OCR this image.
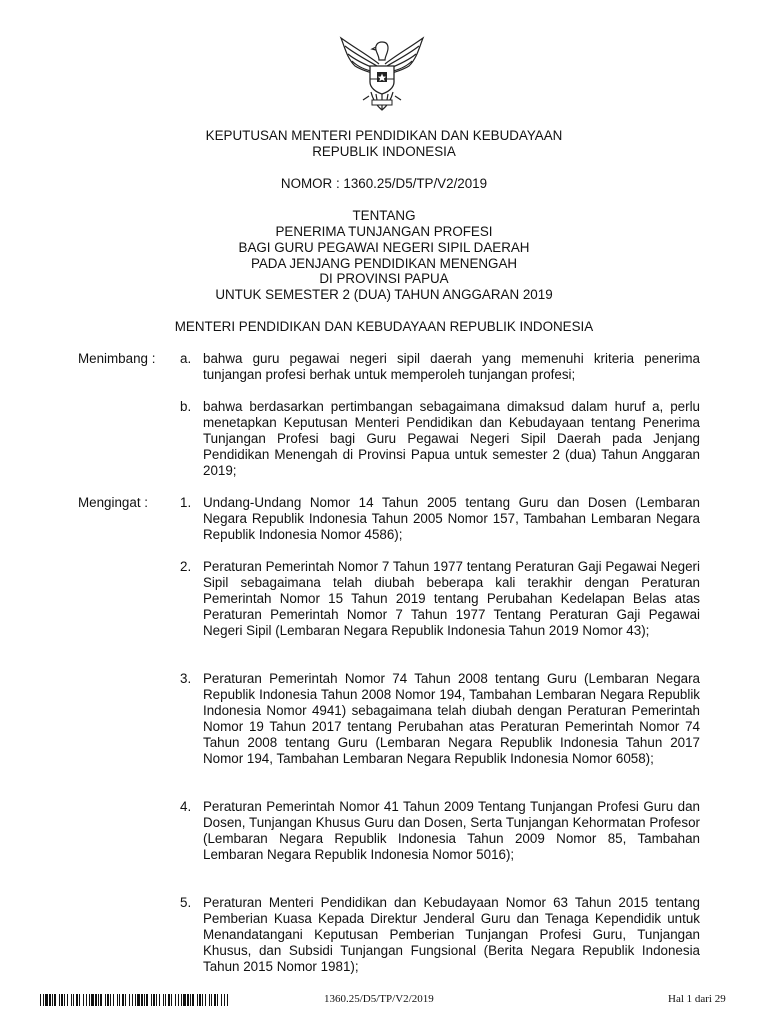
KEPUTUSAN MENTERI PENDIDIKAN DAN KEBUDAYAAN
REPUBLIK INDONESIA
NOMOR : 1360.25/D5/TP/V2/2019
TENTANG
PENERIMA TUNJANGAN PROFESI
BAGI GURU PEGAWAI NEGERI SIPIL DAERAH
PADA JENJANG PENDIDIKAN MENENGAH
DI PROVINSI PAPUA
UNTUK SEMESTER 2 (DUA) TAHUN ANGGARAN 2019
MENTERI PENDIDIKAN DAN KEBUDAYAAN REPUBLIK INDONESIA
Menimbang : a. bahwa guru pegawai negeri sipil daerah yang memenuhi kriteria penerima tunjangan profesi berhak untuk memperoleh tunjangan profesi;
b. bahwa berdasarkan pertimbangan sebagaimana dimaksud dalam huruf a, perlu menetapkan Keputusan Menteri Pendidikan dan Kebudayaan tentang Penerima Tunjangan Profesi bagi Guru Pegawai Negeri Sipil Daerah pada Jenjang Pendidikan Menengah di Provinsi Papua untuk semester 2 (dua) Tahun Anggaran 2019;
Mengingat : 1. Undang-Undang Nomor 14 Tahun 2005 tentang Guru dan Dosen (Lembaran Negara Republik Indonesia Tahun 2005 Nomor 157, Tambahan Lembaran Negara Republik Indonesia Nomor 4586);
2. Peraturan Pemerintah Nomor 7 Tahun 1977 tentang Peraturan Gaji Pegawai Negeri Sipil sebagaimana telah diubah beberapa kali terakhir dengan Peraturan Pemerintah Nomor 15 Tahun 2019 tentang Perubahan Kedelapan Belas atas Peraturan Pemerintah Nomor 7 Tahun 1977 Tentang Peraturan Gaji Pegawai Negeri Sipil (Lembaran Negara Republik Indonesia Tahun 2019 Nomor 43);
3. Peraturan Pemerintah Nomor 74 Tahun 2008 tentang Guru (Lembaran Negara Republik Indonesia Tahun 2008 Nomor 194, Tambahan Lembaran Negara Republik Indonesia Nomor 4941) sebagaimana telah diubah dengan Peraturan Pemerintah Nomor 19 Tahun 2017 tentang Perubahan atas Peraturan Pemerintah Nomor 74 Tahun 2008 tentang Guru (Lembaran Negara Republik Indonesia Tahun 2017 Nomor 194, Tambahan Lembaran Negara Republik Indonesia Nomor 6058);
4. Peraturan Pemerintah Nomor 41 Tahun 2009 Tentang Tunjangan Profesi Guru dan Dosen, Tunjangan Khusus Guru dan Dosen, Serta Tunjangan Kehormatan Profesor (Lembaran Negara Republik Indonesia Tahun 2009 Nomor 85, Tambahan Lembaran Negara Republik Indonesia Nomor 5016);
5. Peraturan Menteri Pendidikan dan Kebudayaan Nomor 63 Tahun 2015 tentang Pemberian Kuasa Kepada Direktur Jenderal Guru dan Tenaga Kependidik untuk Menandatangani Keputusan Pemberian Tunjangan Profesi Guru, Tunjangan Khusus, dan Subsidi Tunjangan Fungsional (Berita Negara Republik Indonesia Tahun 2015 Nomor 1981);
1360.25/D5/TP/V2/2019	Hal 1 dari 29
